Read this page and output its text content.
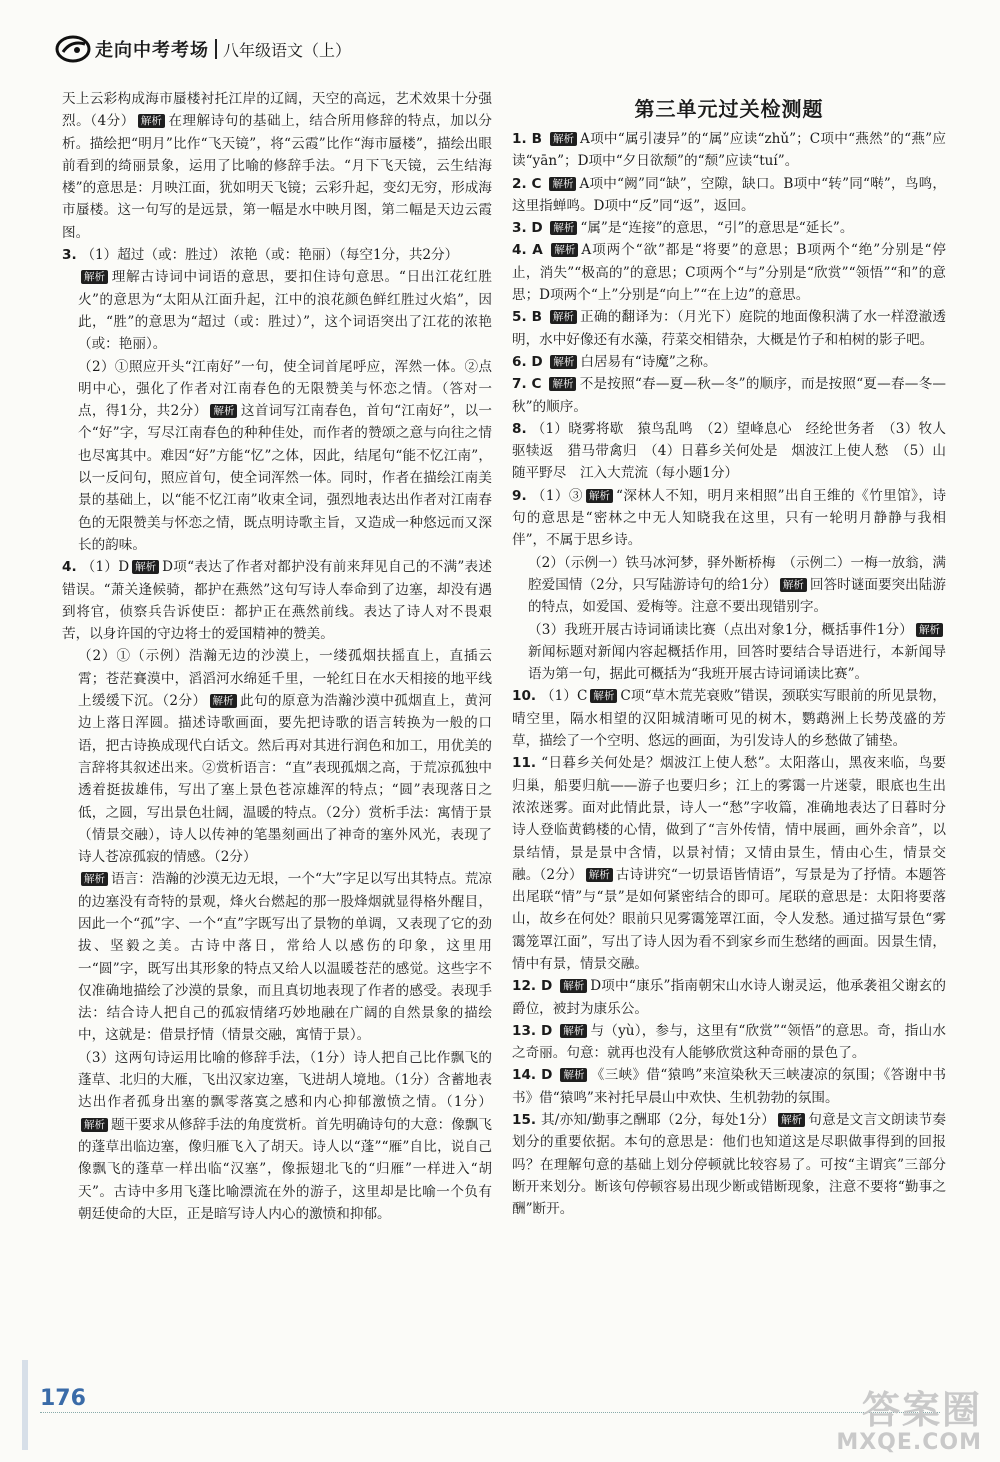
走向中考考场 八年级语文（上）
天上云彩构成海市蜃楼衬托江岸的辽阔，天空的高远，艺术效果十分强烈。（4分） 解析 在理解诗句的基础上，结合所用修辞的特点，加以分析。描绘把“明月”比作“飞天镜”，将“云霞”比作“海市蜃楼”，描绘出眼前看到的绮丽景象，运用了比喻的修辞手法。“月下飞天镜，云生结海楼”的意思是：月映江面，犹如明天飞镜；云彩升起，变幻无穷，形成海市蜃楼。这一句写的是远景，第一幅是水中映月图，第二幅是天边云霞图。
3. （1）超过（或：胜过） 浓艳（或：艳丽）（每空1分，共2分）
解析 理解古诗词中词语的意思，要扣住诗句意思。“日出江花红胜火”的意思为“太阳从江面升起，江中的浪花颜色鲜红胜过火焰”，因此，“胜”的意思为“超过（或：胜过）”，这个词语突出了江花的浓艳（或：艳丽）。
（2）①照应开头“江南好”一句，使全词首尾呼应，浑然一体。②点明中心，强化了作者对江南春色的无限赞美与怀恋之情。（答对一点，得1分，共2分） 解析 这首词写江南春色，首句“江南好”，以一个“好”字，写尽江南春色的种种佳处，而作者的赞颂之意与向往之情也尽寓其中。难因“好”方能“忆”之体，因此，结尾句“能不忆江南”，以一反问句，照应首句，使全词浑然一体。同时，作者在描绘江南美景的基础上，以“能不忆江南”收束全词，强烈地表达出作者对江南春色的无限赞美与怀恋之情，既点明诗歌主旨，又造成一种悠远而又深长的韵味。
4. （1）D 解析 D项“表达了作者对都护没有前来拜见自己的不满”表述错误。“萧关逢候骑，都护在燕然”这句写诗人奉命到了边塞，却没有遇到将官，侦察兵告诉使臣：都护正在燕然前线。表达了诗人对不畏艰苦，以身许国的守边将士的爱国精神的赞美。
（2）①（示例）浩瀚无边的沙漠上，一缕孤烟扶摇直上，直插云霄；苍茫賽漠中，滔滔河水绵延千里，一轮红日在水天相接的地平线上缓缓下沉。（2分） 解析 此句的原意为浩瀚沙漠中孤烟直上，黄河边上落日浑圆。描述诗歌画面，要先把诗歌的语言转换为一般的口语，把古诗换成现代白话文。然后再对其进行润色和加工，用优美的言辞将其叙述出来。②赏析语言：“直”表现孤烟之高，于荒凉孤独中透着挺拔雄伟，写出了塞上景色苍凉雄浑的特点；“圆”表现落日之低，之圆，写出景色壮阔，温暖的特点。（2分）赏析手法：寓情于景（情景交融），诗人以传神的笔墨刻画出了神奇的塞外风光，表现了诗人苍凉孤寂的情感。（2分）
解析 语言：浩瀚的沙漠无边无垠，一个“大”字足以写出其特点。荒凉的边塞没有奇特的景观，烽火台燃起的那一股烽烟就显得格外醒目，因此一个“孤”字、一个“直”字既写出了景物的单调，又表现了它的劲拔、坚毅之美。古诗中落日，常给人以感伤的印象，这里用一“圆”字，既写出其形象的特点又给人以温暖苍茫的感觉。这些字不仅准确地描绘了沙漠的景象，而且真切地表现了作者的感受。表现手法：结合诗人把自己的孤寂情绪巧妙地融在广阔的自然景象的描绘中，这就是：借景抒情（情景交融，寓情于景）。
（3）这两句诗运用比喻的修辞手法，（1分）诗人把自己比作飘飞的蓬草、北归的大雁，飞出汉家边塞，飞进胡人境地。（1分）含蓄地表达出作者孤身出塞的飘零落寞之感和内心抑郁激愤之情。（1分）解析 题干要求从修辞手法的角度赏析。首先明确诗句的大意：像飘飞的蓬草出临边塞，像归雁飞入了胡天。诗人以“蓬”“雁”自比，说自己像飘飞的蓬草一样出临“汉塞”，像振翅北飞的“归雁”一样进入“胡天”。古诗中多用飞蓬比喻漂流在外的游子，这里却是比喻一个负有朝廷使命的大臣，正是暗写诗人内心的激愤和抑郁。
第三单元过关检测题
1. B 解析 A项中“属引凄异”的“属”应读“zhǔ”；C项中“燕然”的“燕”应读“yān”；D项中“夕日欲颓”的“颓”应读“tuí”。
2. C 解析 A项中“阙”同“缺”，空隙，缺口。B项中“转”同“啭”，鸟鸣，这里指蝉鸣。D项中“反”同“返”，返回。
3. D 解析 “属”是“连接”的意思，“引”的意思是“延长”。
4. A 解析 A项两个“欲”都是“将要”的意思；B项两个“绝”分别是“停止，消失”“极高的”的意思；C项两个“与”分别是“欣赏”“领悟”“和”的意思；D项两个“上”分别是“向上”“在上边”的意思。
5. B 解析 正确的翻译为：（月光下）庭院的地面像积满了水一样澄澈透明，水中好像还有水藻，荇菜交相错杂，大概是竹子和柏树的影子吧。
6. D 解析 白居易有“诗魔”之称。
7. C 解析 不是按照“春—夏—秋—冬”的顺序，而是按照“夏—春—冬—秋”的顺序。
8. （1）晓雾将歇　猿鸟乱鸣　（2）望峰息心　经纶世务者　（3）牧人驱犊返　猎马带禽归　（4）日暮乡关何处是　烟波江上使人愁　（5）山随平野尽　江入大荒流（每小题1分）
9. （1）③ 解析 “深林人不知，明月来相照”出自王维的《竹里馆》，诗句的意思是“密林之中无人知晓我在这里，只有一轮明月静静与我相伴”，不属于思乡诗。
（2）（示例一）铁马冰河梦，驿外断桥梅　（示例二）一梅一放翁，满腔爱国情（2分，只写陆游诗句的给1分） 解析 回答时谜面要突出陆游的特点，如爱国、爱梅等。注意不要出现错别字。
（3）我班开展古诗词诵读比赛（点出对象1分，概括事件1分） 解析新闻标题对新闻内容起概括作用，回答时要结合导语进行，本新闻导语为第一句，据此可概括为“我班开展古诗词诵读比赛”。
10. （1）C 解析 C项“草木荒芜衰败”错误，颈联实写眼前的所见景物，晴空里，隔水相望的汉阳城清晰可见的树木，鹦鹉洲上长势茂盛的芳草，描绘了一个空明、悠远的画面，为引发诗人的乡愁做了铺垫。
11. “日暮乡关何处是？烟波江上使人愁”。太阳落山，黑夜来临，鸟要归巢，船要归航——游子也要归乡；江上的雾霭一片迷蒙，眼底也生出浓浓迷雾。面对此情此景，诗人一“愁”字收篇，准确地表达了日暮时分诗人登临黄鹤楼的心情，做到了“言外传情，情中展画，画外余音”，以景结情，景是景中含情，以景衬情；又情由景生，情由心生，情景交融。（2分） 解析 古诗讲究“一切景语皆情语”，写景是为了抒情。本题答出尾联“情”与“景”是如何紧密结合的即可。尾联的意思是：太阳将要落山，故乡在何处？眼前只见雾霭笼罩江面，令人发愁。通过描写景色“雾霭笼罩江面”，写出了诗人因为看不到家乡而生愁绪的画面。因景生情，情中有景，情景交融。
12. D 解析 D项中“康乐”指南朝宋山水诗人谢灵运，他承袭祖父谢玄的爵位，被封为康乐公。
13. D 解析 与（yù），参与，这里有“欣赏”“领悟”的意思。奇，指山水之奇丽。句意：就再也没有人能够欣赏这种奇丽的景色了。
14. D 解析 《三峡》借“猿鸣”来渲染秋天三峡凄凉的氛围；《答谢中书书》借“猿鸣”来衬托早晨山中欢快、生机勃勃的氛围。
15. 其/亦知/勤事之酬耶（2分，每处1分） 解析 句意是文言文朗读节奏划分的重要依据。本句的意思是：他们也知道这是尽职做事得到的回报吗？在理解句意的基础上划分停顿就比较容易了。可按“主谓宾”三部分断开来划分。断该句停顿容易出现少断或错断现象，注意不要将“勤事之酬”断开。
176	答案圈
MXQE.COM
